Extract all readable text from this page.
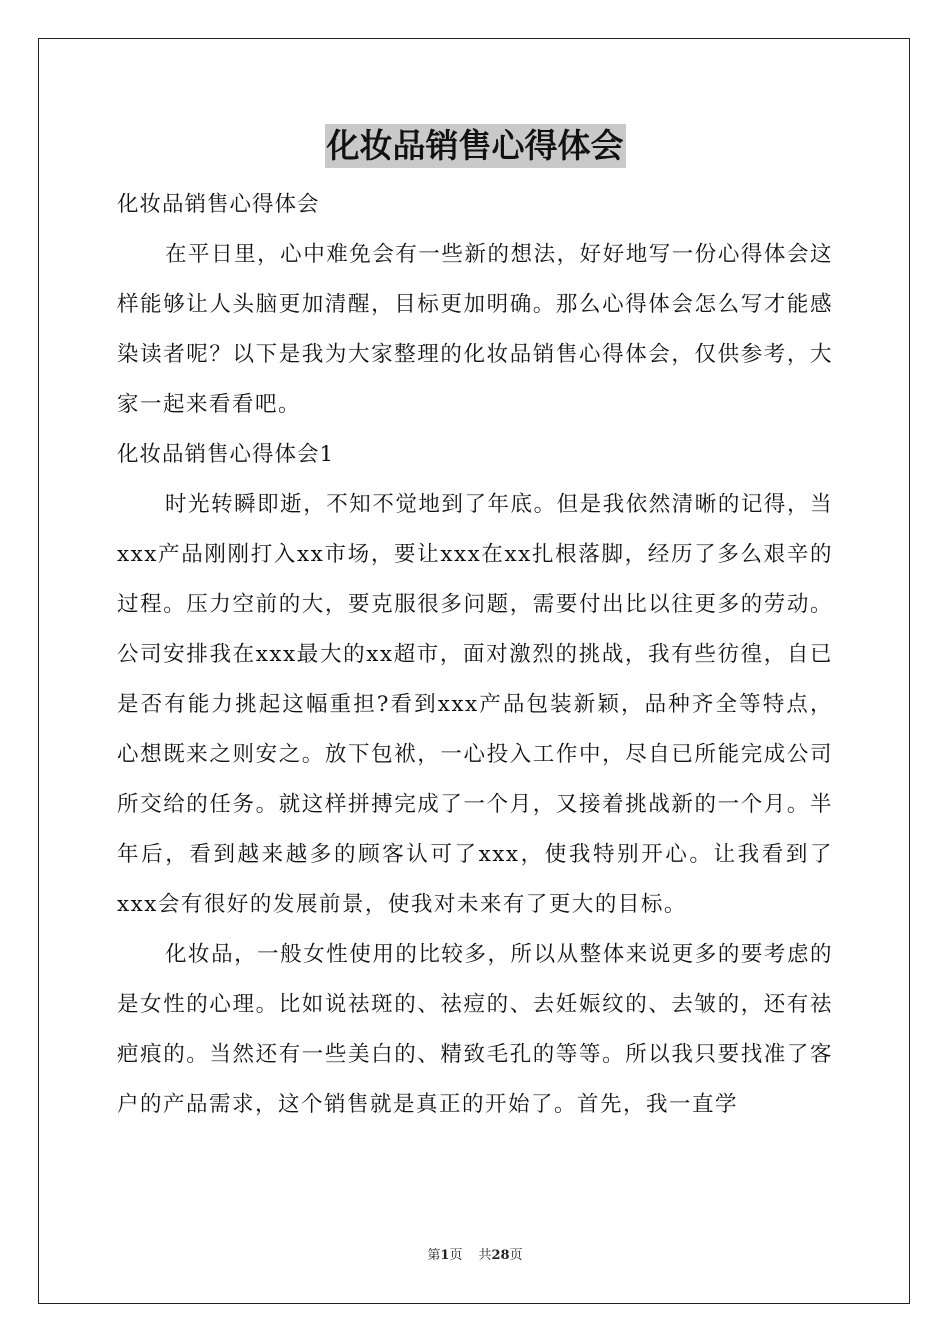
化妆品销售心得体会

化妆品销售心得体会

在平日里，心中难免会有一些新的想法，好好地写一份心得体会这样能够让人头脑更加清醒，目标更加明确。那么心得体会怎么写才能感染读者呢？以下是我为大家整理的化妆品销售心得体会，仅供参考，大家一起来看看吧。

化妆品销售心得体会1

时光转瞬即逝，不知不觉地到了年底。但是我依然清晰的记得，当xxx产品刚刚打入xx市场，要让xxx在xx扎根落脚，经历了多么艰辛的过程。压力空前的大，要克服很多问题，需要付出比以往更多的劳动。公司安排我在xxx最大的xx超市，面对激烈的挑战，我有些彷徨，自已是否有能力挑起这幅重担?看到xxx产品包装新颖，品种齐全等特点，心想既来之则安之。放下包袱，一心投入工作中，尽自已所能完成公司所交给的任务。就这样拼搏完成了一个月，又接着挑战新的一个月。半年后，看到越来越多的顾客认可了xxx，使我特别开心。让我看到了xxx会有很好的发展前景，使我对未来有了更大的目标。

化妆品，一般女性使用的比较多，所以从整体来说更多的要考虑的是女性的心理。比如说祛斑的、祛痘的、去妊娠纹的、去皱的，还有祛疤痕的。当然还有一些美白的、精致毛孔的等等。所以我只要找准了客户的产品需求，这个销售就是真正的开始了。首先，我一直学

第1页 共28页
